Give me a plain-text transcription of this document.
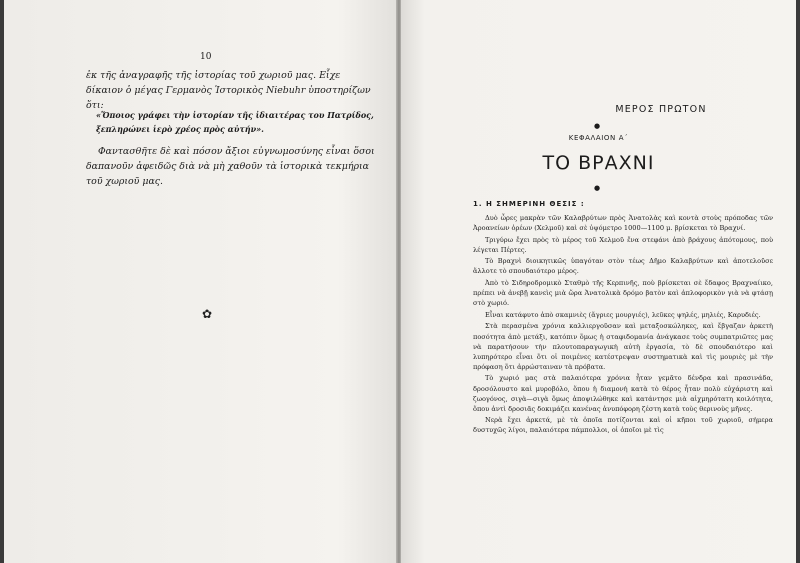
10
ἐκ τῆς ἀναγραφῆς τῆς ἱστορίας τοῦ χωριοῦ μας. Εἶχε δίκαιον ὁ μέγας Γερμανὸς Ἱστορικὸς Niebuhr ὑποστηρίζων ὅτι:
«Ὅποιος γράφει τὴν ἱστορίαν τῆς ἰδιαιτέρας του Πατρίδος, ξεπληρώνει ἱερὸ χρέος πρὸς αὐτήν».
Φαντασθῆτε δὲ καὶ πόσον ἄξιοι εὐγνωμοσύνης εἶναι ὅσοι δαπανοῦν ἀφειδῶς διὰ νὰ μὴ χαθοῦν τὰ ἱστορικὰ τεκμήρια τοῦ χωριοῦ μας.
✿
ΜΕΡΟΣ ΠΡΩΤΟΝ
●
ΚΕΦΑΛΑΙΟΝ Α΄
ΤΟ ΒΡΑΧΝΙ
●
1. Η ΣΗΜΕΡΙΝΗ ΘΕΣΙΣ :

Δυὸ ὧρες μακρὰν τῶν Καλαβρύτων πρὸς Ἀνατολὰς καὶ κοντὰ στοὺς πρόποδας τῶν Ἀροανείων ὀρέων (Χελμοῦ) καὶ σὲ ὑψόμετρο 1000—1100 μ. βρίσκεται τὸ Βραχνί.

Τριγύρω ἔχει πρὸς τὸ μέρος τοῦ Χελμοῦ ἕνα στεφάνι ἀπὸ βράχους ἀπότομους, ποὺ λέγεται Πέρτες.

Τὸ Βραχνὶ διοικητικῶς ὑπαγόταν στὸν τέως Δῆμο Καλαβρύτων καὶ ἀποτελοῦσε ἄλλοτε τὸ σπουδαιότερο μέρος.

Ἀπὸ τὸ Σιδηροδρομικὸ Σταθμὸ τῆς Κερπινῆς, ποὺ βρίσκεται σὲ ἔδαφος Βραχναίικο, πρέπει νὰ ἀνεβῇ κανεὶς μιὰ ὥρα Ἀνατολικὰ δρόμο βατὸν καὶ ἁπλοφορικὸν γιὰ νὰ φτάσῃ στὸ χωριό.

Εἶναι κατάφυτο ἀπὸ σκαμνιὲς (ἄγριες μουργιές), λεῦκες ψηλές, μηλιές, Καρυδιές.

Στὰ περασμένα χρόνια καλλιεργοῦσαν καὶ μεταξοσκώληκες, καὶ ἔβγαζαν ἀρκετὴ ποσότητα ἀπὸ μετάξι, κατόπιν ὅμως ἡ σταφιδομανία ἀνάγκασε τοὺς συμπατριῶτες μας νὰ παρατήσουν τὴν πλουτοπαραγωγικὴ αὐτὴ ἐργασία, τὸ δὲ σπουδαιότερο καὶ λυπηρότερο εἶναι ὅτι οἱ ποιμένες κατέστρεψαν συστηματικὰ καὶ τὶς μουριὲς μὲ τὴν πρόφαση ὅτι ἀρρώσταιναν τὰ πρόβατα.

Τὸ χωριό μας στὰ παλαιότερα χρόνια ἦταν γεμᾶτο δένδρα καὶ πρασινάδα, δροσόλουστο καὶ μυροβόλο, ὅπου ἡ διαμονὴ κατὰ τὸ θέρος ἦταν πολὺ εὐχάριστη καὶ ζωογόνος, σιγὰ—σιγὰ ὅμως ἀποψιλώθηκε καὶ κατάντησε μιὰ αἰχμηρότατη κοιλότητα, ὅπου ἀντὶ δροσιᾶς δοκιμάζει κανένας ἀνυπόφορη ζέστη κατὰ τοὺς θερινοὺς μῆνες.

Νερὰ ἔχει ἀρκετά, μὲ τὰ ὁποῖα ποτίζονται καὶ οἱ κῆποι τοῦ χωριοῦ, σήμερα δυστυχῶς λίγοι, παλαιότερα πάμπολλοι, οἱ ὁποῖοι μὲ τὶς
